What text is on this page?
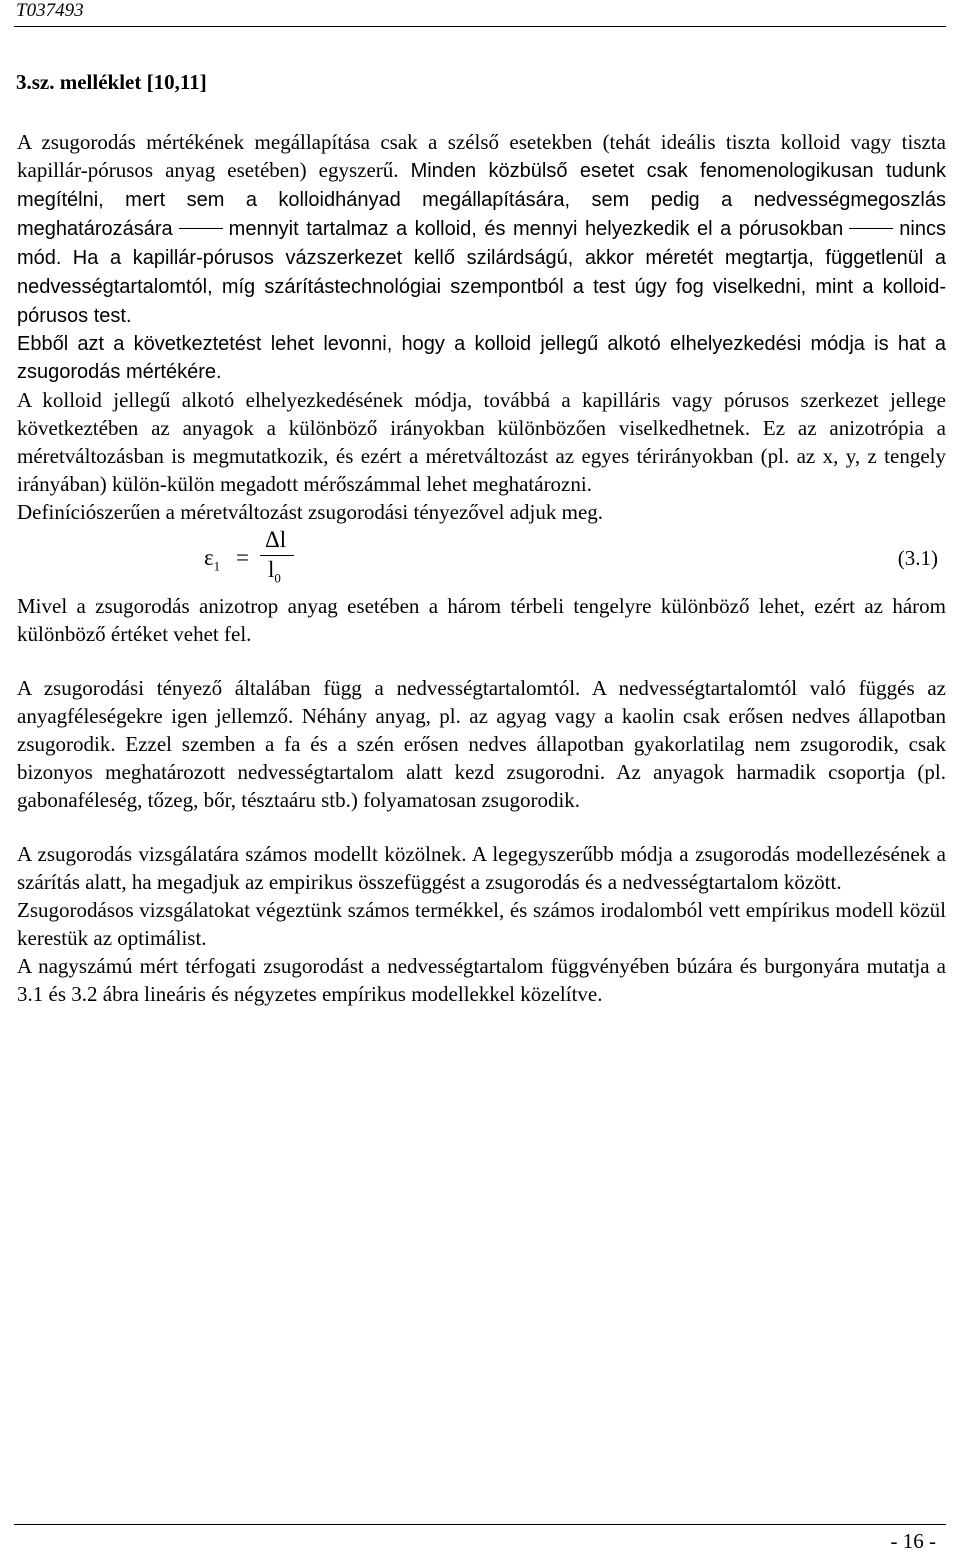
T037493
3.sz. melléklet [10,11]

A zsugorodás mértékének megállapítása csak a szélső esetekben (tehát ideális tiszta kolloid vagy tiszta kapillár-pórusos anyag esetében) egyszerű. Minden közbülső esetet csak fenomenologikusan tudunk megítélni, mert sem a kolloidhányad megállapítására, sem pedig a nedvességmegoszlás meghatározására	mennyit tartalmaz a kolloid, és mennyi helyezkedik el a pórusokban	nincs mód. Ha a kapillár-pórusos vázszerkezet kellő szilárdságú, akkor méretét megtartja, függetlenül a nedvességtartalomtól, míg szárítástechnológiai szempontból a test úgy fog viselkedni, mint a kolloid-pórusos test.

Ebből azt a következtetést lehet levonni, hogy a kolloid jellegű alkotó elhelyezkedési módja is hat a zsugorodás mértékére.

A kolloid jellegű alkotó elhelyezkedésének módja, továbbá a kapilláris vagy pórusos szerkezet jellege következtében az anyagok a különböző irányokban különbözően viselkedhetnek. Ez az anizotrópia a méretváltozásban is megmutatkozik, és ezért a méretváltozást az egyes térirányokban (pl. az x, y, z tengely irányában) külön-külön megadott mérőszámmal lehet meghatározni.

Definíciószerűen a méretváltozást zsugorodási tényezővel adjuk meg.

$\varepsilon_1$ =
Δl
$l_0$
(3.1)

Mivel a zsugorodás anizotrop anyag esetében a három térbeli tengelyre különböző lehet, ezért az három különböző értéket vehet fel.

A zsugorodási tényező általában függ a nedvességtartalomtól. A nedvességtartalomtól való függés az anyagféleségekre igen jellemző. Néhány anyag, pl. az agyag vagy a kaolin csak erősen nedves állapotban zsugorodik. Ezzel szemben a fa és a szén erősen nedves állapotban gyakorlatilag nem zsugorodik, csak bizonyos meghatározott nedvességtartalom alatt kezd zsugorodni. Az anyagok harmadik csoportja (pl. gabonaféleség, tőzeg, bőr, tésztaáru stb.) folyamatosan zsugorodik.

A zsugorodás vizsgálatára számos modellt közölnek. A legegyszerűbb módja a zsugorodás modellezésének a szárítás alatt, ha megadjuk az empirikus összefüggést a zsugorodás és a nedvességtartalom között.

Zsugorodásos vizsgálatokat végeztünk számos termékkel, és számos irodalomból vett empírikus modell közül kerestük az optimálist.

A nagyszámú mért térfogati zsugorodást a nedvességtartalom függvényében búzára és burgonyára mutatja a 3.1 és 3.2 ábra lineáris és négyzetes empírikus modellekkel közelítve.

- 16 -
